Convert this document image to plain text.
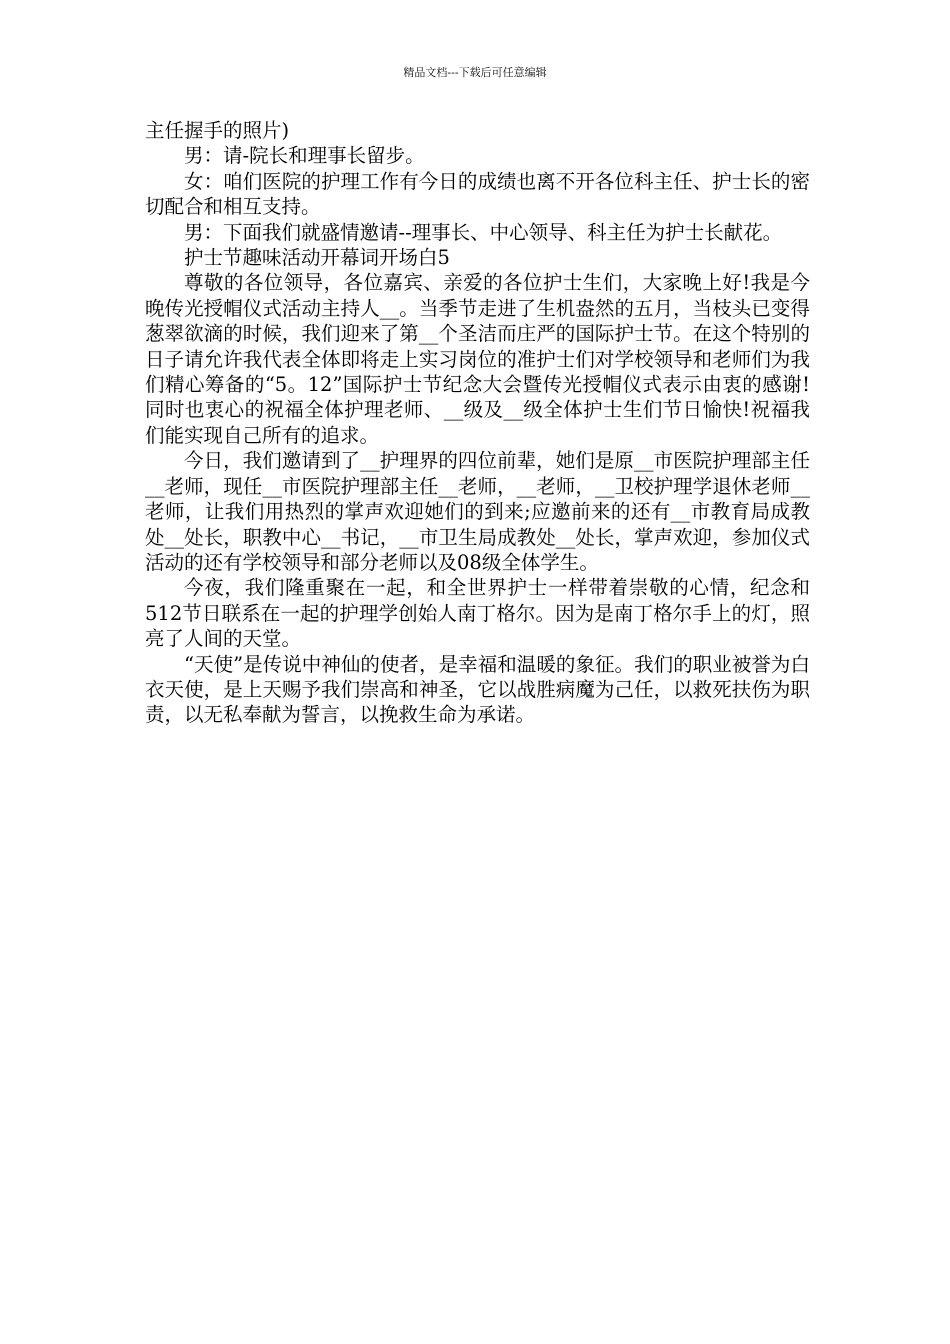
精品文档---下载后可任意编辑

主任握手的照片)

男：请-院长和理事长留步。

女：咱们医院的护理工作有今日的成绩也离不开各位科主任、护士长的密切配合和相互支持。

男：下面我们就盛情邀请--理事长、中心领导、科主任为护士长献花。

护士节趣味活动开幕词开场白5

尊敬的各位领导，各位嘉宾、亲爱的各位护士生们，大家晚上好!我是今晚传光授帽仪式活动主持人__。当季节走进了生机盎然的五月，当枝头已变得葱翠欲滴的时候，我们迎来了第__个圣洁而庄严的国际护士节。在这个特别的日子请允许我代表全体即将走上实习岗位的准护士们对学校领导和老师们为我们精心筹备的“5。12”国际护士节纪念大会暨传光授帽仪式表示由衷的感谢!同时也衷心的祝福全体护理老师、__级及__级全体护士生们节日愉快!祝福我们能实现自己所有的追求。

今日，我们邀请到了__护理界的四位前辈，她们是原__市医院护理部主任__老师，现任__市医院护理部主任__老师，__老师，__卫校护理学退休老师__老师，让我们用热烈的掌声欢迎她们的到来;应邀前来的还有__市教育局成教处__处长，职教中心__书记，__市卫生局成教处__处长，掌声欢迎，参加仪式活动的还有学校领导和部分老师以及08级全体学生。

今夜，我们隆重聚在一起，和全世界护士一样带着崇敬的心情，纪念和512节日联系在一起的护理学创始人南丁格尔。因为是南丁格尔手上的灯，照亮了人间的天堂。

“天使”是传说中神仙的使者，是幸福和温暖的象征。我们的职业被誉为白衣天使，是上天赐予我们崇高和神圣，它以战胜病魔为己任，以救死扶伤为职责，以无私奉献为誓言，以挽救生命为承诺。
